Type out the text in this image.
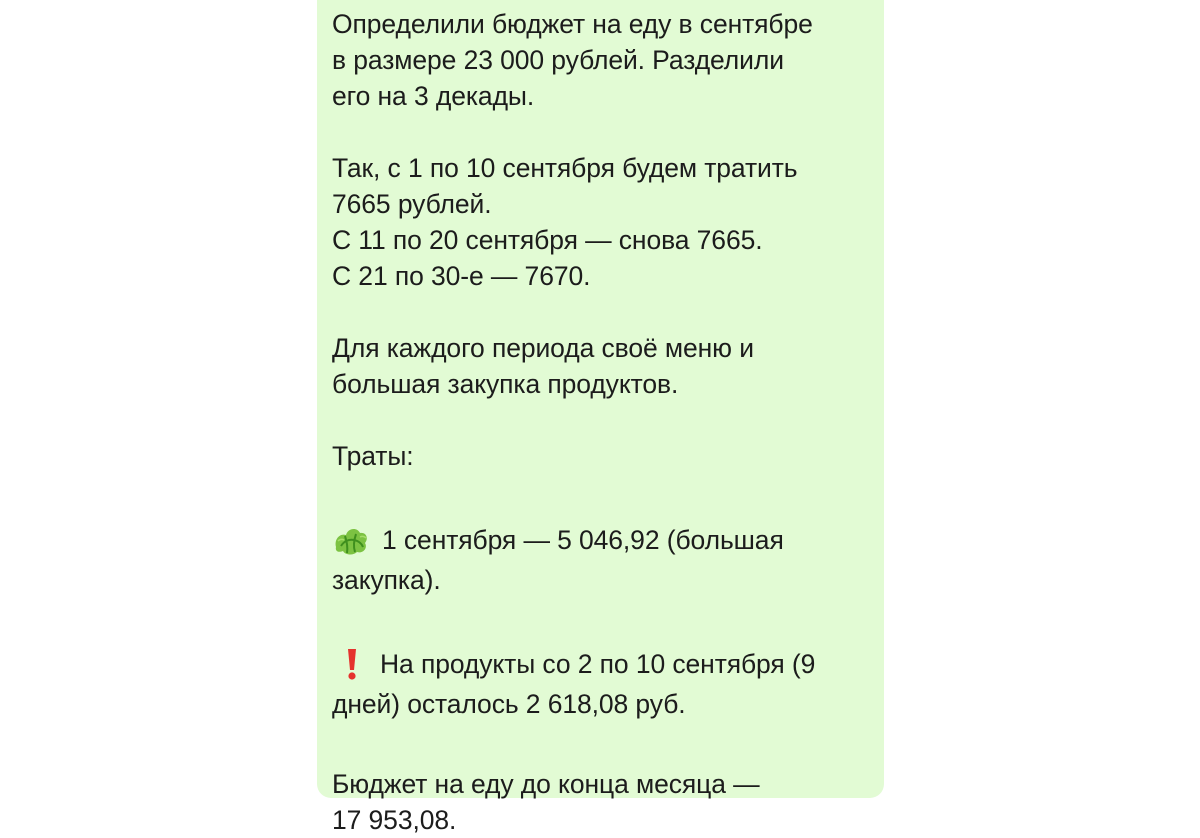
Определили бюджет на еду в сентябре
в размере 23 000 рублей. Разделили
его на 3 декады.

Так, с 1 по 10 сентября будем тратить
7665 рублей.
С 11 по 20 сентября — снова 7665.
С 21 по 30-е — 7670.

Для каждого периода своё меню и
большая закупка продуктов.

Траты:

1 сентября — 5 046,92 (большая
закупка).

На продукты со 2 по 10 сентября (9
дней) осталось 2 618,08 руб.

Бюджет на еду до конца месяца —
17 953,08.
